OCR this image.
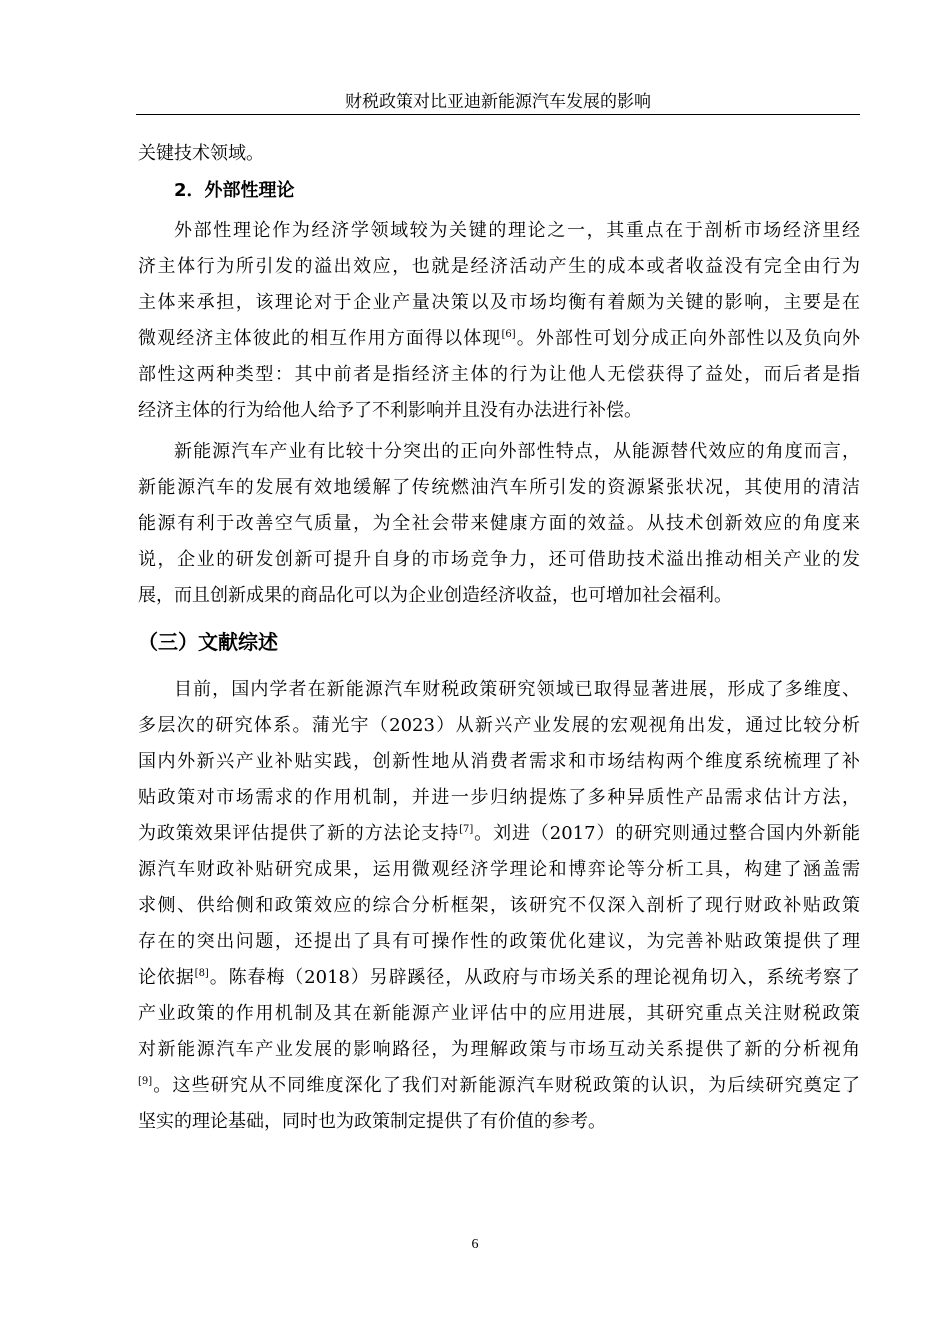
财税政策对比亚迪新能源汽车发展的影响
关键技术领域。
2．外部性理论
外部性理论作为经济学领域较为关键的理论之一，其重点在于剖析市场经济里经
济主体行为所引发的溢出效应，也就是经济活动产生的成本或者收益没有完全由行为
主体来承担，该理论对于企业产量决策以及市场均衡有着颇为关键的影响，主要是在
微观经济主体彼此的相互作用方面得以体现[6]。外部性可划分成正向外部性以及负向外
部性这两种类型：其中前者是指经济主体的行为让他人无偿获得了益处，而后者是指
经济主体的行为给他人给予了不利影响并且没有办法进行补偿。
新能源汽车产业有比较十分突出的正向外部性特点，从能源替代效应的角度而言，
新能源汽车的发展有效地缓解了传统燃油汽车所引发的资源紧张状况，其使用的清洁
能源有利于改善空气质量，为全社会带来健康方面的效益。从技术创新效应的角度来
说，企业的研发创新可提升自身的市场竞争力，还可借助技术溢出推动相关产业的发
展，而且创新成果的商品化可以为企业创造经济收益，也可增加社会福利。
（三）文献综述
目前，国内学者在新能源汽车财税政策研究领域已取得显著进展，形成了多维度、
多层次的研究体系。蒲光宇（2023）从新兴产业发展的宏观视角出发，通过比较分析
国内外新兴产业补贴实践，创新性地从消费者需求和市场结构两个维度系统梳理了补
贴政策对市场需求的作用机制，并进一步归纳提炼了多种异质性产品需求估计方法，
为政策效果评估提供了新的方法论支持[7]。刘进（2017）的研究则通过整合国内外新能
源汽车财政补贴研究成果，运用微观经济学理论和博弈论等分析工具，构建了涵盖需
求侧、供给侧和政策效应的综合分析框架，该研究不仅深入剖析了现行财政补贴政策
存在的突出问题，还提出了具有可操作性的政策优化建议，为完善补贴政策提供了理
论依据[8]。陈春梅（2018）另辟蹊径，从政府与市场关系的理论视角切入，系统考察了
产业政策的作用机制及其在新能源产业评估中的应用进展，其研究重点关注财税政策
对新能源汽车产业发展的影响路径，为理解政策与市场互动关系提供了新的分析视角
[9]。这些研究从不同维度深化了我们对新能源汽车财税政策的认识，为后续研究奠定了
坚实的理论基础，同时也为政策制定提供了有价值的参考。
6
